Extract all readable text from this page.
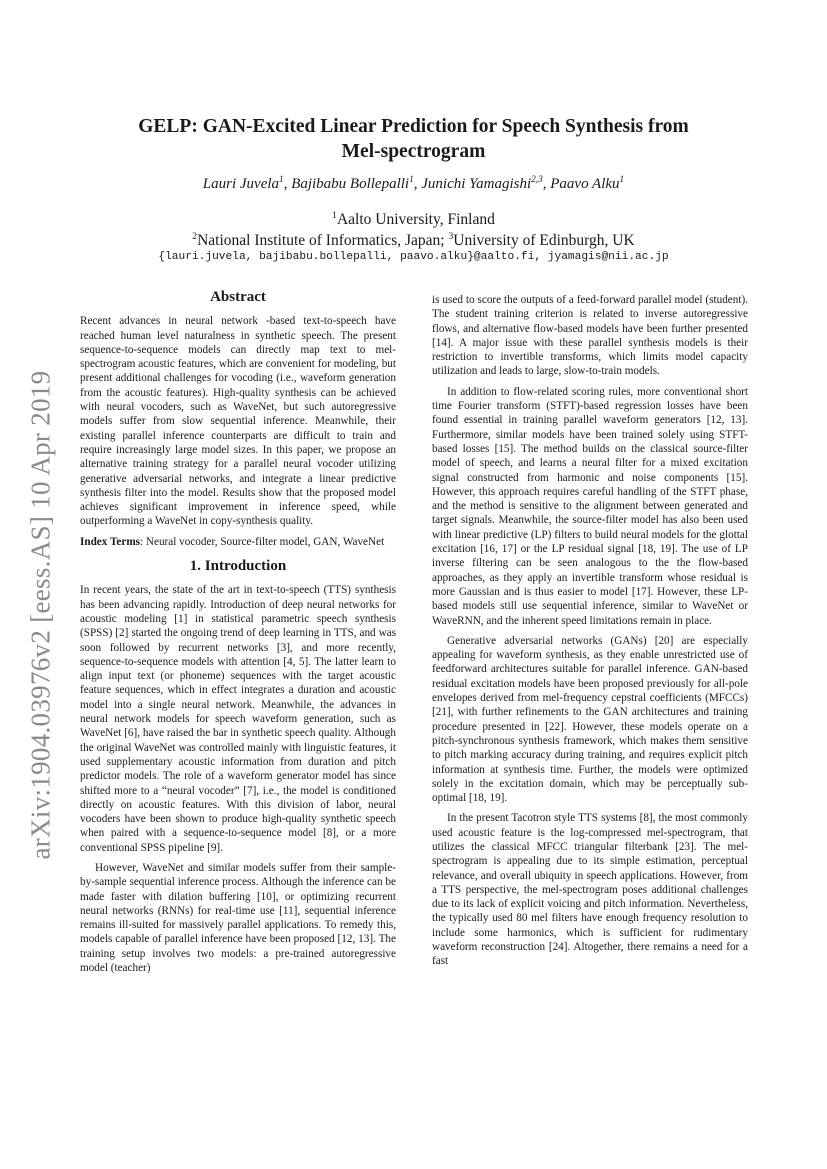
arXiv:1904.03976v2 [eess.AS] 10 Apr 2019
GELP: GAN-Excited Linear Prediction for Speech Synthesis from
Mel-spectrogram
Lauri Juvela$^1$, Bajibabu Bollepalli$^1$, Junichi Yamagishi$^{2,3}$, Paavo Alku$^1$
$^1$Aalto University, Finland
$^2$National Institute of Informatics, Japan; $^3$University of Edinburgh, UK
{lauri.juvela, bajibabu.bollepalli, paavo.alku}@aalto.fi, jyamagis@nii.ac.jp
Abstract

Recent advances in neural network -based text-to-speech have reached human level naturalness in synthetic speech. The present sequence-to-sequence models can directly map text to mel-spectrogram acoustic features, which are convenient for modeling, but present additional challenges for vocoding (i.e., waveform generation from the acoustic features). High-quality synthesis can be achieved with neural vocoders, such as WaveNet, but such autoregressive models suffer from slow sequential inference. Meanwhile, their existing parallel inference counterparts are difficult to train and require increasingly large model sizes. In this paper, we propose an alternative training strategy for a parallel neural vocoder utilizing generative adversarial networks, and integrate a linear predictive synthesis filter into the model. Results show that the proposed model achieves significant improvement in inference speed, while outperforming a WaveNet in copy-synthesis quality.

Index Terms: Neural vocoder, Source-filter model, GAN, WaveNet

1. Introduction

In recent years, the state of the art in text-to-speech (TTS) synthesis has been advancing rapidly. Introduction of deep neural networks for acoustic modeling [1] in statistical parametric speech synthesis (SPSS) [2] started the ongoing trend of deep learning in TTS, and was soon followed by recurrent networks [3], and more recently, sequence-to-sequence models with attention [4, 5]. The latter learn to align input text (or phoneme) sequences with the target acoustic feature sequences, which in effect integrates a duration and acoustic model into a single neural network. Meanwhile, the advances in neural network models for speech waveform generation, such as WaveNet [6], have raised the bar in synthetic speech quality. Although the original WaveNet was controlled mainly with linguistic features, it used supplementary acoustic information from duration and pitch predictor models. The role of a waveform generator model has since shifted more to a “neural vocoder” [7], i.e., the model is conditioned directly on acoustic features. With this division of labor, neural vocoders have been shown to produce high-quality synthetic speech when paired with a sequence-to-sequence model [8], or a more conventional SPSS pipeline [9].

However, WaveNet and similar models suffer from their sample-by-sample sequential inference process. Although the inference can be made faster with dilation buffering [10], or optimizing recurrent neural networks (RNNs) for real-time use [11], sequential inference remains ill-suited for massively parallel applications. To remedy this, models capable of parallel inference have been proposed [12, 13]. The training setup involves two models: a pre-trained autoregressive model (teacher)

is used to score the outputs of a feed-forward parallel model (student). The student training criterion is related to inverse autoregressive flows, and alternative flow-based models have been further presented [14]. A major issue with these parallel synthesis models is their restriction to invertible transforms, which limits model capacity utilization and leads to large, slow-to-train models.

In addition to flow-related scoring rules, more conventional short time Fourier transform (STFT)-based regression losses have been found essential in training parallel waveform generators [12, 13]. Furthermore, similar models have been trained solely using STFT-based losses [15]. The method builds on the classical source-filter model of speech, and learns a neural filter for a mixed excitation signal constructed from harmonic and noise components [15]. However, this approach requires careful handling of the STFT phase, and the method is sensitive to the alignment between generated and target signals. Meanwhile, the source-filter model has also been used with linear predictive (LP) filters to build neural models for the glottal excitation [16, 17] or the LP residual signal [18, 19]. The use of LP inverse filtering can be seen analogous to the the flow-based approaches, as they apply an invertible transform whose residual is more Gaussian and is thus easier to model [17]. However, these LP-based models still use sequential inference, similar to WaveNet or WaveRNN, and the inherent speed limitations remain in place.

Generative adversarial networks (GANs) [20] are especially appealing for waveform synthesis, as they enable unrestricted use of feedforward architectures suitable for parallel inference. GAN-based residual excitation models have been proposed previously for all-pole envelopes derived from mel-frequency cepstral coefficients (MFCCs) [21], with further refinements to the GAN architectures and training procedure presented in [22]. However, these models operate on a pitch-synchronous synthesis framework, which makes them sensitive to pitch marking accuracy during training, and requires explicit pitch information at synthesis time. Further, the models were optimized solely in the excitation domain, which may be perceptually sub-optimal [18, 19].

In the present Tacotron style TTS systems [8], the most commonly used acoustic feature is the log-compressed mel-spectrogram, that utilizes the classical MFCC triangular filterbank [23]. The mel-spectrogram is appealing due to its simple estimation, perceptual relevance, and overall ubiquity in speech applications. However, from a TTS perspective, the mel-spectrogram poses additional challenges due to its lack of explicit voicing and pitch information. Nevertheless, the typically used 80 mel filters have enough frequency resolution to include some harmonics, which is sufficient for rudimentary waveform reconstruction [24]. Altogether, there remains a need for a fast
